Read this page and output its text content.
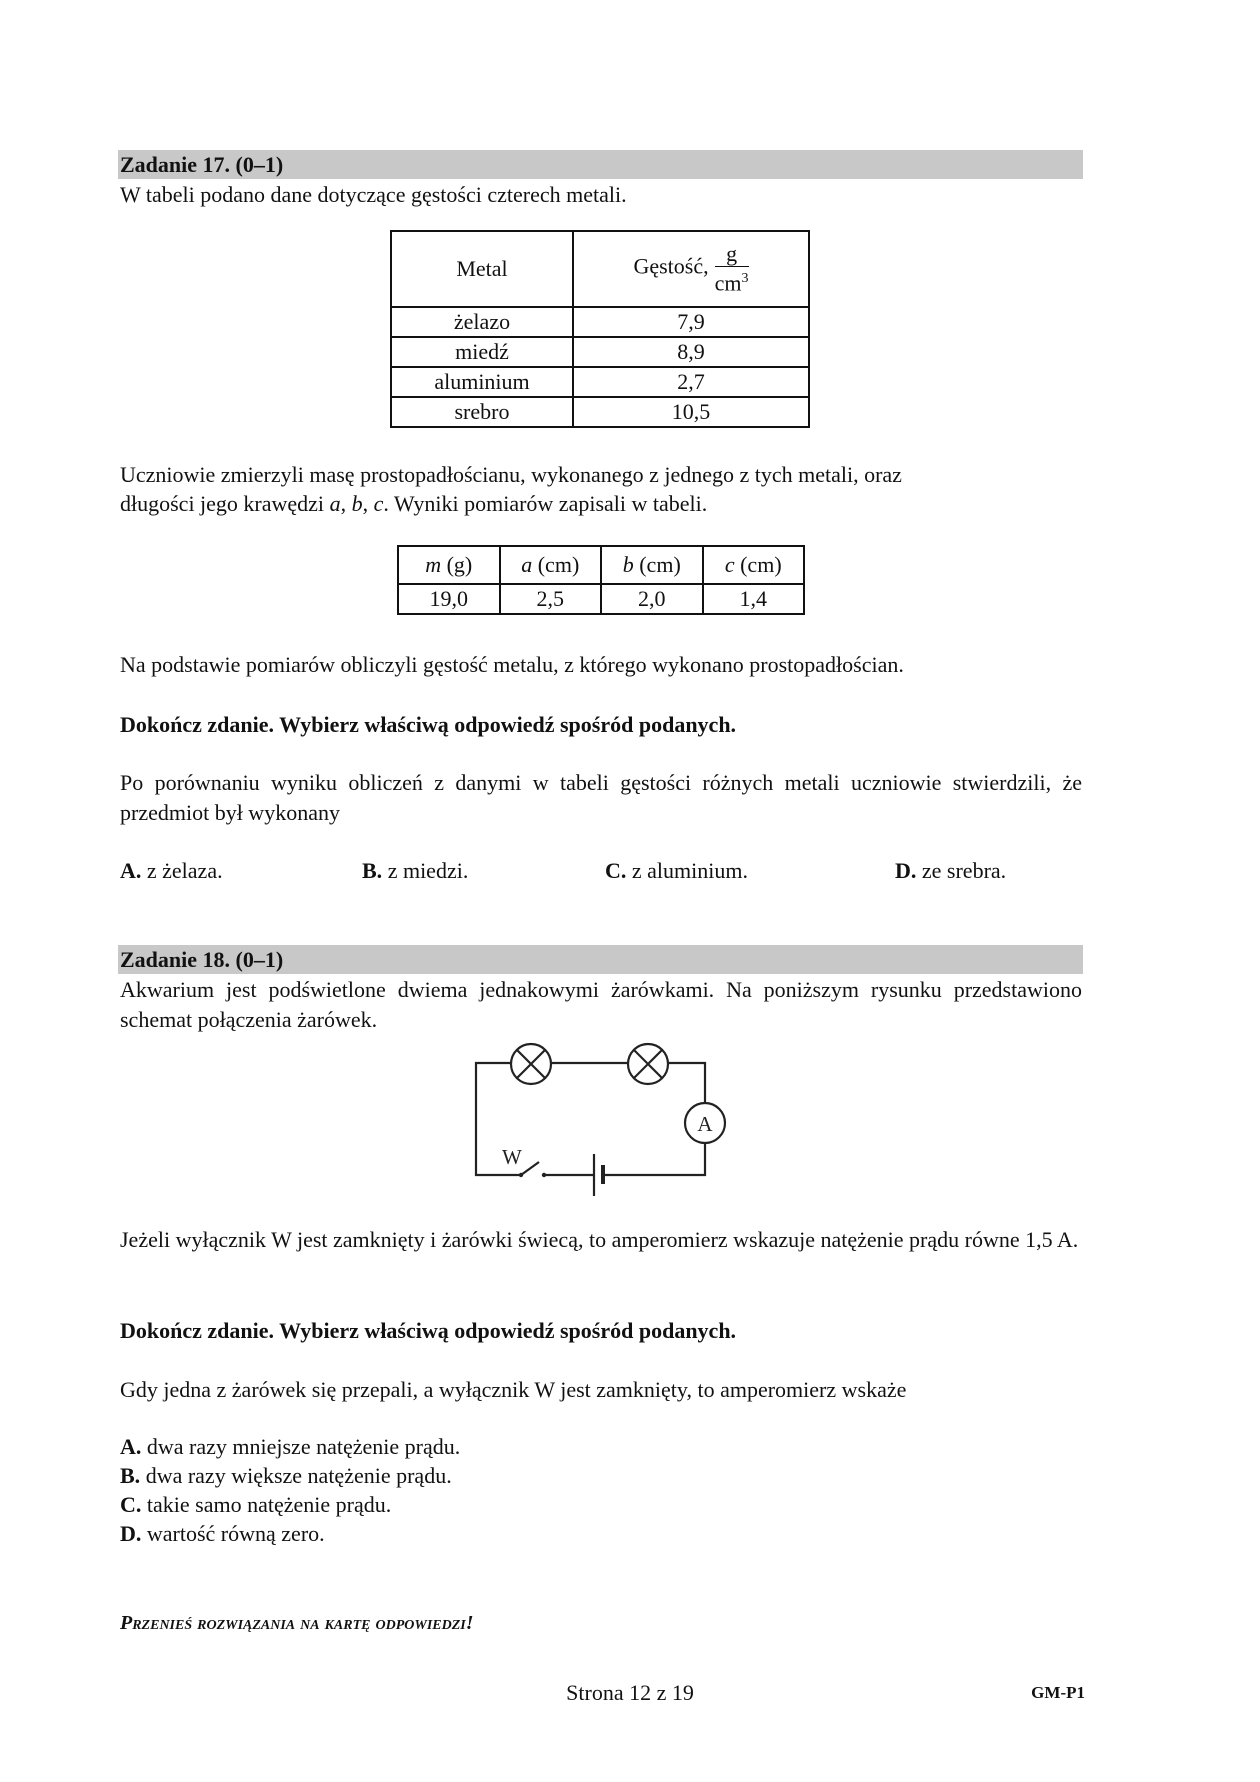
Zadanie 17. (0–1)
W tabeli podano dane dotyczące gęstości czterech metali.
Metal	Gęstość, $\frac{g}{cm^3}$

żelazo	7,9
miedź	8,9
aluminium	2,7
srebro	10,5
Uczniowie zmierzyli masę prostopadłościanu, wykonanego z jednego z tych metali, oraz
długości jego krawędzi a, b, c. Wyniki pomiarów zapisali w tabeli.
m (g)	a (cm)	b (cm)	c (cm)
19,0	2,5	2,0	1,4
Na podstawie pomiarów obliczyli gęstość metalu, z którego wykonano prostopadłościan.
Dokończ zdanie. Wybierz właściwą odpowiedź spośród podanych.
Po porównaniu wyniku obliczeń z danymi w tabeli gęstości różnych metali uczniowie stwierdzili, że przedmiot był wykonany
A. z żelaza.	B. z miedzi.	C. z aluminium.	D. ze srebra.
Zadanie 18. (0–1)
Akwarium jest podświetlone dwiema jednakowymi żarówkami. Na poniższym rysunku przedstawiono schemat połączenia żarówek.
W
A
Jeżeli wyłącznik W jest zamknięty i żarówki świecą, to amperomierz wskazuje natężenie prądu równe 1,5 A.
Dokończ zdanie. Wybierz właściwą odpowiedź spośród podanych.
Gdy jedna z żarówek się przepali, a wyłącznik W jest zamknięty, to amperomierz wskaże
A. dwa razy mniejsze natężenie prądu.
B. dwa razy większe natężenie prądu.
C. takie samo natężenie prądu.
D. wartość równą zero.
Przenieś rozwiązania na kartę odpowiedzi!
Strona 12 z 19	GM-P1
